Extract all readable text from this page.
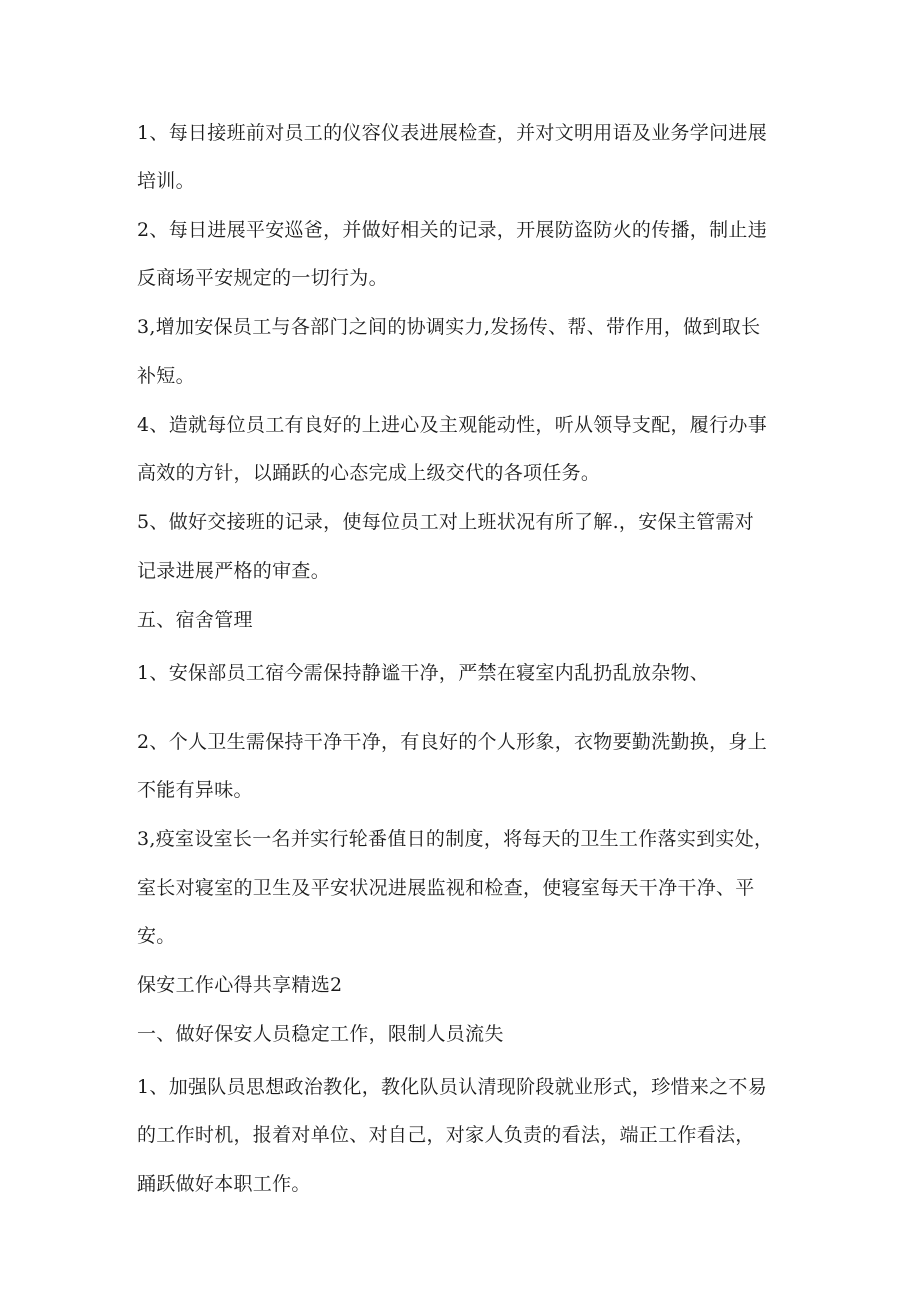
1、每日接班前对员工的仪容仪表进展检查，并对文明用语及业务学问进展
培训。
2、每日进展平安巡爸，并做好相关的记录，开展防盗防火的传播，制止违
反商场平安规定的一切行为。
3,增加安保员工与各部门之间的协调实力,发扬传、帮、带作用，做到取长
补短。
4、造就每位员工有良好的上进心及主观能动性，听从领导支配，履行办事
高效的方针，以踊跃的心态完成上级交代的各项任务。
5、做好交接班的记录，使每位员工对上班状况有所了解.，安保主管需对
记录进展严格的审查。
五、宿舍管理
1、安保部员工宿今需保持静谧干净，严禁在寝室内乱扔乱放杂物、
2、个人卫生需保持干净干净，有良好的个人形象，衣物要勤洗勤换，身上
不能有异味。
3,疫室设室长一名并实行轮番值日的制度，将每天的卫生工作落实到实处，
室长对寝室的卫生及平安状况进展监视和检查，使寝室每天干净干净、平
安。
保安工作心得共享精选2
一、做好保安人员稳定工作，限制人员流失
1、加强队员思想政治教化，教化队员认清现阶段就业形式，珍惜来之不易
的工作时机，报着对单位、对自己，对家人负责的看法，端正工作看法，
踊跃做好本职工作。
